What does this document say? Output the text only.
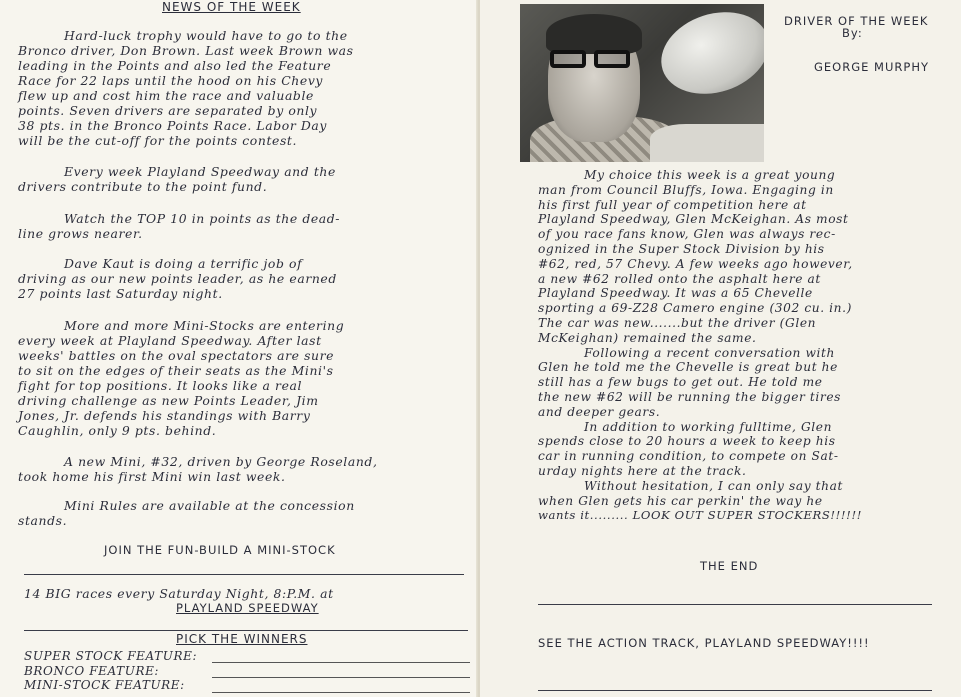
NEWS OF THE WEEK
Hard-luck trophy would have to go to the
Bronco driver, Don Brown. Last week Brown was
leading in the Points and also led the Feature
Race for 22 laps until the hood on his Chevy
flew up and cost him the race and valuable
points. Seven drivers are separated by only
38 pts. in the Bronco Points Race. Labor Day
will be the cut-off for the points contest.
Every week Playland Speedway and the
drivers contribute to the point fund.
Watch the TOP 10 in points as the dead-
line grows nearer.
Dave Kaut is doing a terrific job of
driving as our new points leader, as he earned
27 points last Saturday night.
More and more Mini-Stocks are entering
every week at Playland Speedway. After last
weeks' battles on the oval spectators are sure
to sit on the edges of their seats as the Mini's
fight for top positions. It looks like a real
driving challenge as new Points Leader, Jim
Jones, Jr. defends his standings with Barry
Caughlin, only 9 pts. behind.
A new Mini, #32, driven by George Roseland,
took home his first Mini win last week.
Mini Rules are available at the concession
stands.
JOIN THE FUN-BUILD A MINI-STOCK
14 BIG races every Saturday Night, 8:P.M. at
PLAYLAND SPEEDWAY
PICK THE WINNERS
SUPER STOCK FEATURE:
BRONCO FEATURE:
MINI-STOCK FEATURE:
DRIVER OF THE WEEK
By:
GEORGE MURPHY
My choice this week is a great young
man from Council Bluffs, Iowa. Engaging in
his first full year of competition here at
Playland Speedway, Glen McKeighan. As most
of you race fans know, Glen was always rec-
ognized in the Super Stock Division by his
#62, red, 57 Chevy. A few weeks ago however,
a new #62 rolled onto the asphalt here at
Playland Speedway. It was a 65 Chevelle
sporting a 69-Z28 Camero engine (302 cu. in.)
The car was new.......but the driver (Glen
McKeighan) remained the same.
Following a recent conversation with
Glen he told me the Chevelle is great but he
still has a few bugs to get out. He told me
the new #62 will be running the bigger tires
and deeper gears.
In addition to working fulltime, Glen
spends close to 20 hours a week to keep his
car in running condition, to compete on Sat-
urday nights here at the track.
Without hesitation, I can only say that
when Glen gets his car perkin' the way he
wants it......... LOOK OUT SUPER STOCKERS!!!!!!
THE END
SEE THE ACTION TRACK, PLAYLAND SPEEDWAY!!!!
